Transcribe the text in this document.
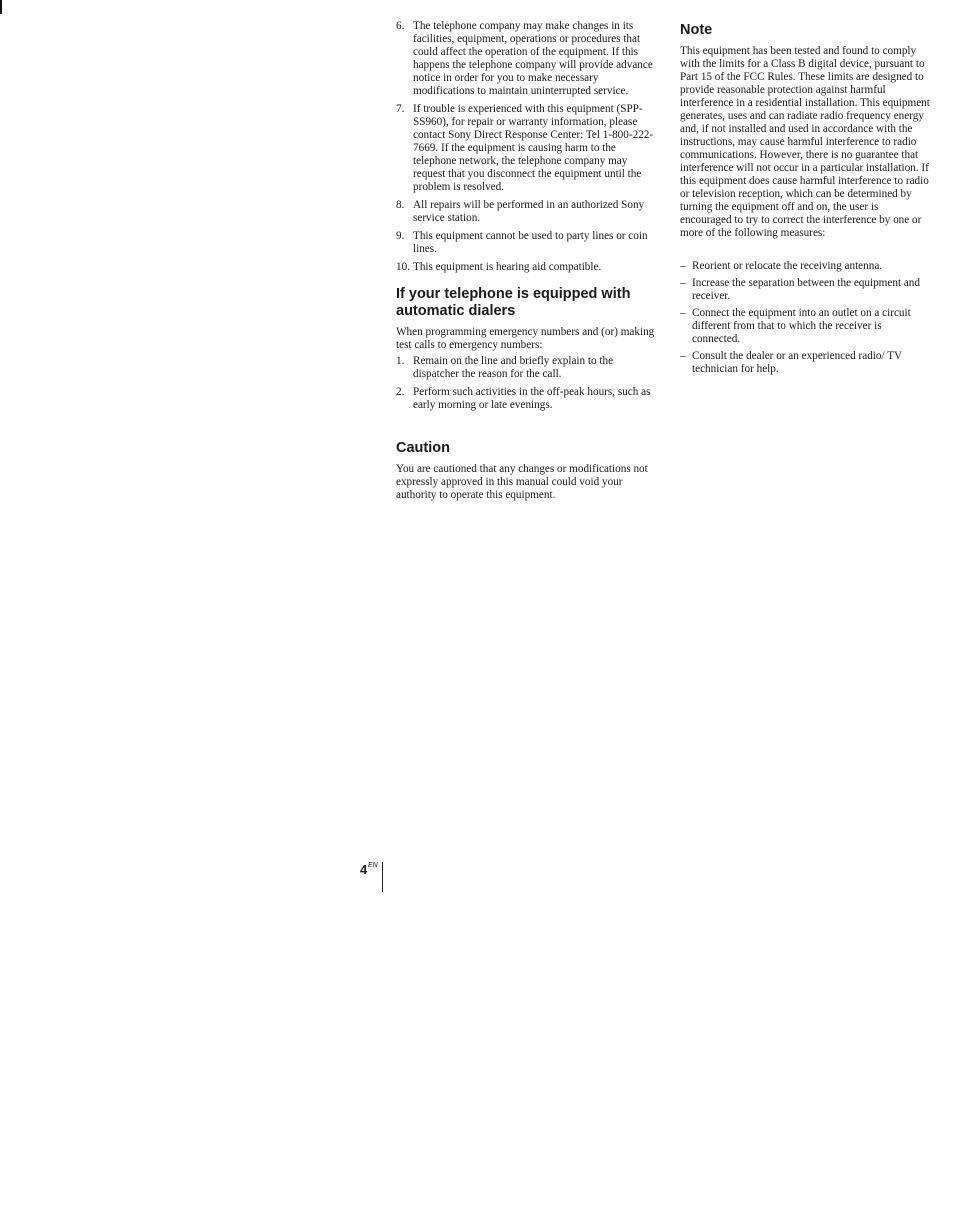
6. The telephone company may make changes in its facilities, equipment, operations or procedures that could affect the operation of the equipment. If this happens the telephone company will provide advance notice in order for you to make necessary modifications to maintain uninterrupted service.
7. If trouble is experienced with this equipment (SPP-SS960), for repair or warranty information, please contact Sony Direct Response Center: Tel 1-800-222-7669. If the equipment is causing harm to the telephone network, the telephone company may request that you disconnect the equipment until the problem is resolved.
8. All repairs will be performed in an authorized Sony service station.
9. This equipment cannot be used to party lines or coin lines.
10. This equipment is hearing aid compatible.
If your telephone is equipped with automatic dialers

When programming emergency numbers and (or) making test calls to emergency numbers:

1. Remain on the line and briefly explain to the dispatcher the reason for the call.
2. Perform such activities in the off-peak hours, such as early morning or late evenings.
Caution

You are cautioned that any changes or modifications not expressly approved in this manual could void your authority to operate this equipment.

Note

This equipment has been tested and found to comply with the limits for a Class B digital device, pursuant to Part 15 of the FCC Rules. These limits are designed to provide reasonable protection against harmful interference in a residential installation. This equipment generates, uses and can radiate radio frequency energy and, if not installed and used in accordance with the instructions, may cause harmful interference to radio communications. However, there is no guarantee that interference will not occur in a particular installation. If this equipment does cause harmful interference to radio or television reception, which can be determined by turning the equipment off and on, the user is encouraged to try to correct the interference by one or more of the following measures:

– Reorient or relocate the receiving antenna.
– Increase the separation between the equipment and receiver.
– Connect the equipment into an outlet on a circuit different from that to which the receiver is connected.
– Consult the dealer or an experienced radio/ TV technician for help.
4 EN
